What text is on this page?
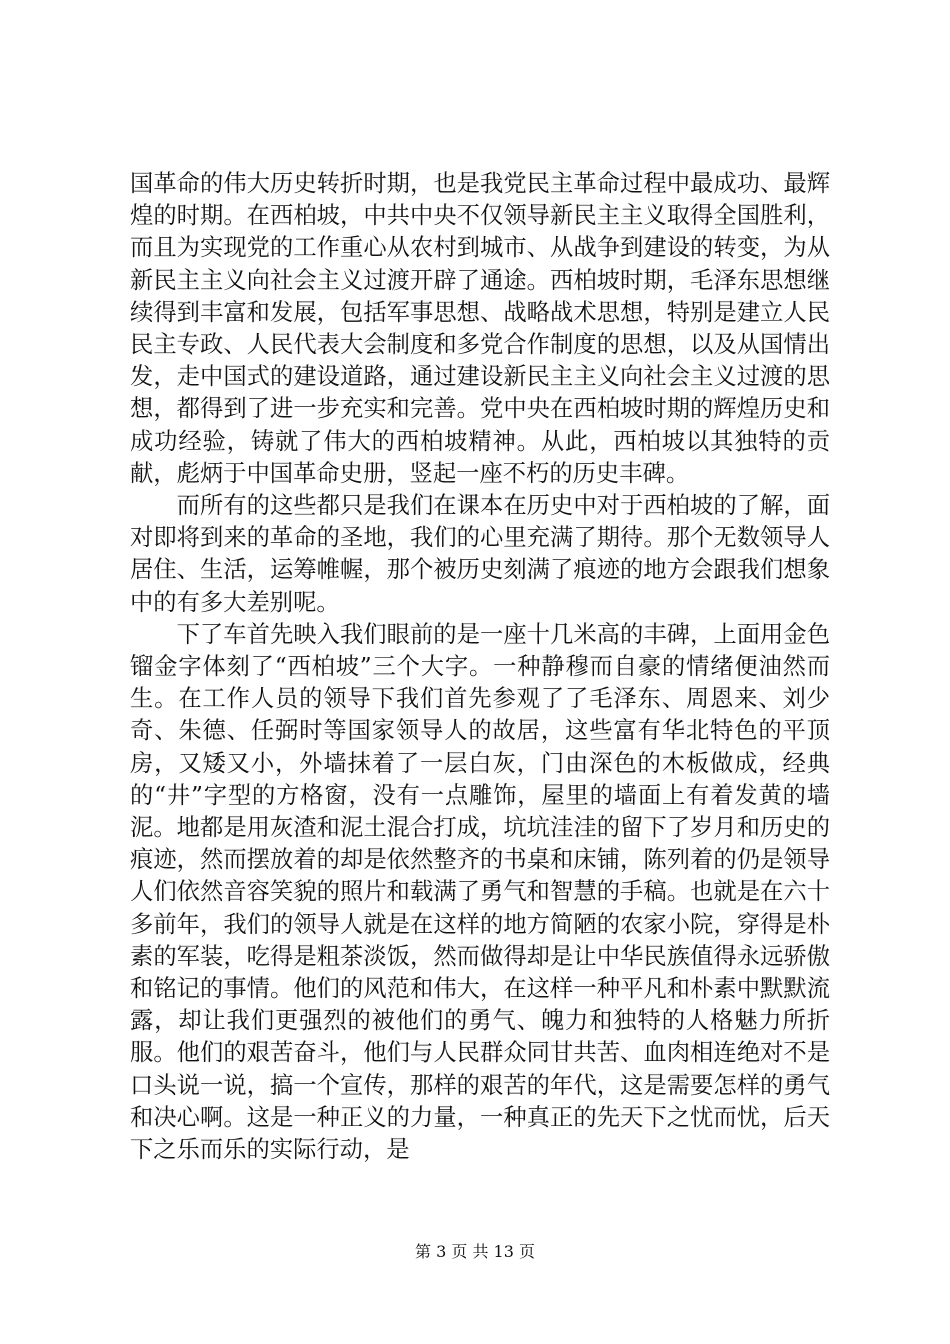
国革命的伟大历史转折时期，也是我党民主革命过程中最成功、最辉煌的时期。在西柏坡，中共中央不仅领导新民主主义取得全国胜利，而且为实现党的工作重心从农村到城市、从战争到建设的转变，为从新民主主义向社会主义过渡开辟了通途。西柏坡时期，毛泽东思想继续得到丰富和发展，包括军事思想、战略战术思想，特别是建立人民民主专政、人民代表大会制度和多党合作制度的思想，以及从国情出发，走中国式的建设道路，通过建设新民主主义向社会主义过渡的思想，都得到了进一步充实和完善。党中央在西柏坡时期的辉煌历史和成功经验，铸就了伟大的西柏坡精神。从此，西柏坡以其独特的贡献，彪炳于中国革命史册，竖起一座不朽的历史丰碑。

而所有的这些都只是我们在课本在历史中对于西柏坡的了解，面对即将到来的革命的圣地，我们的心里充满了期待。那个无数领导人居住、生活，运筹帷幄，那个被历史刻满了痕迹的地方会跟我们想象中的有多大差别呢。

下了车首先映入我们眼前的是一座十几米高的丰碑，上面用金色镏金字体刻了“西柏坡”三个大字。一种静穆而自豪的情绪便油然而生。在工作人员的领导下我们首先参观了了毛泽东、周恩来、刘少奇、朱德、任弼时等国家领导人的故居，这些富有华北特色的平顶房，又矮又小，外墙抹着了一层白灰，门由深色的木板做成，经典的“井”字型的方格窗，没有一点雕饰，屋里的墙面上有着发黄的墙泥。地都是用灰渣和泥土混合打成，坑坑洼洼的留下了岁月和历史的痕迹，然而摆放着的却是依然整齐的书桌和床铺，陈列着的仍是领导人们依然音容笑貌的照片和载满了勇气和智慧的手稿。也就是在六十多前年，我们的领导人就是在这样的地方简陋的农家小院，穿得是朴素的军装，吃得是粗茶淡饭，然而做得却是让中华民族值得永远骄傲和铭记的事情。他们的风范和伟大，在这样一种平凡和朴素中默默流露，却让我们更强烈的被他们的勇气、魄力和独特的人格魅力所折服。他们的艰苦奋斗，他们与人民群众同甘共苦、血肉相连绝对不是口头说一说，搞一个宣传，那样的艰苦的年代，这是需要怎样的勇气和决心啊。这是一种正义的力量，一种真正的先天下之忧而忧，后天下之乐而乐的实际行动，是

第 3 页 共 13 页
